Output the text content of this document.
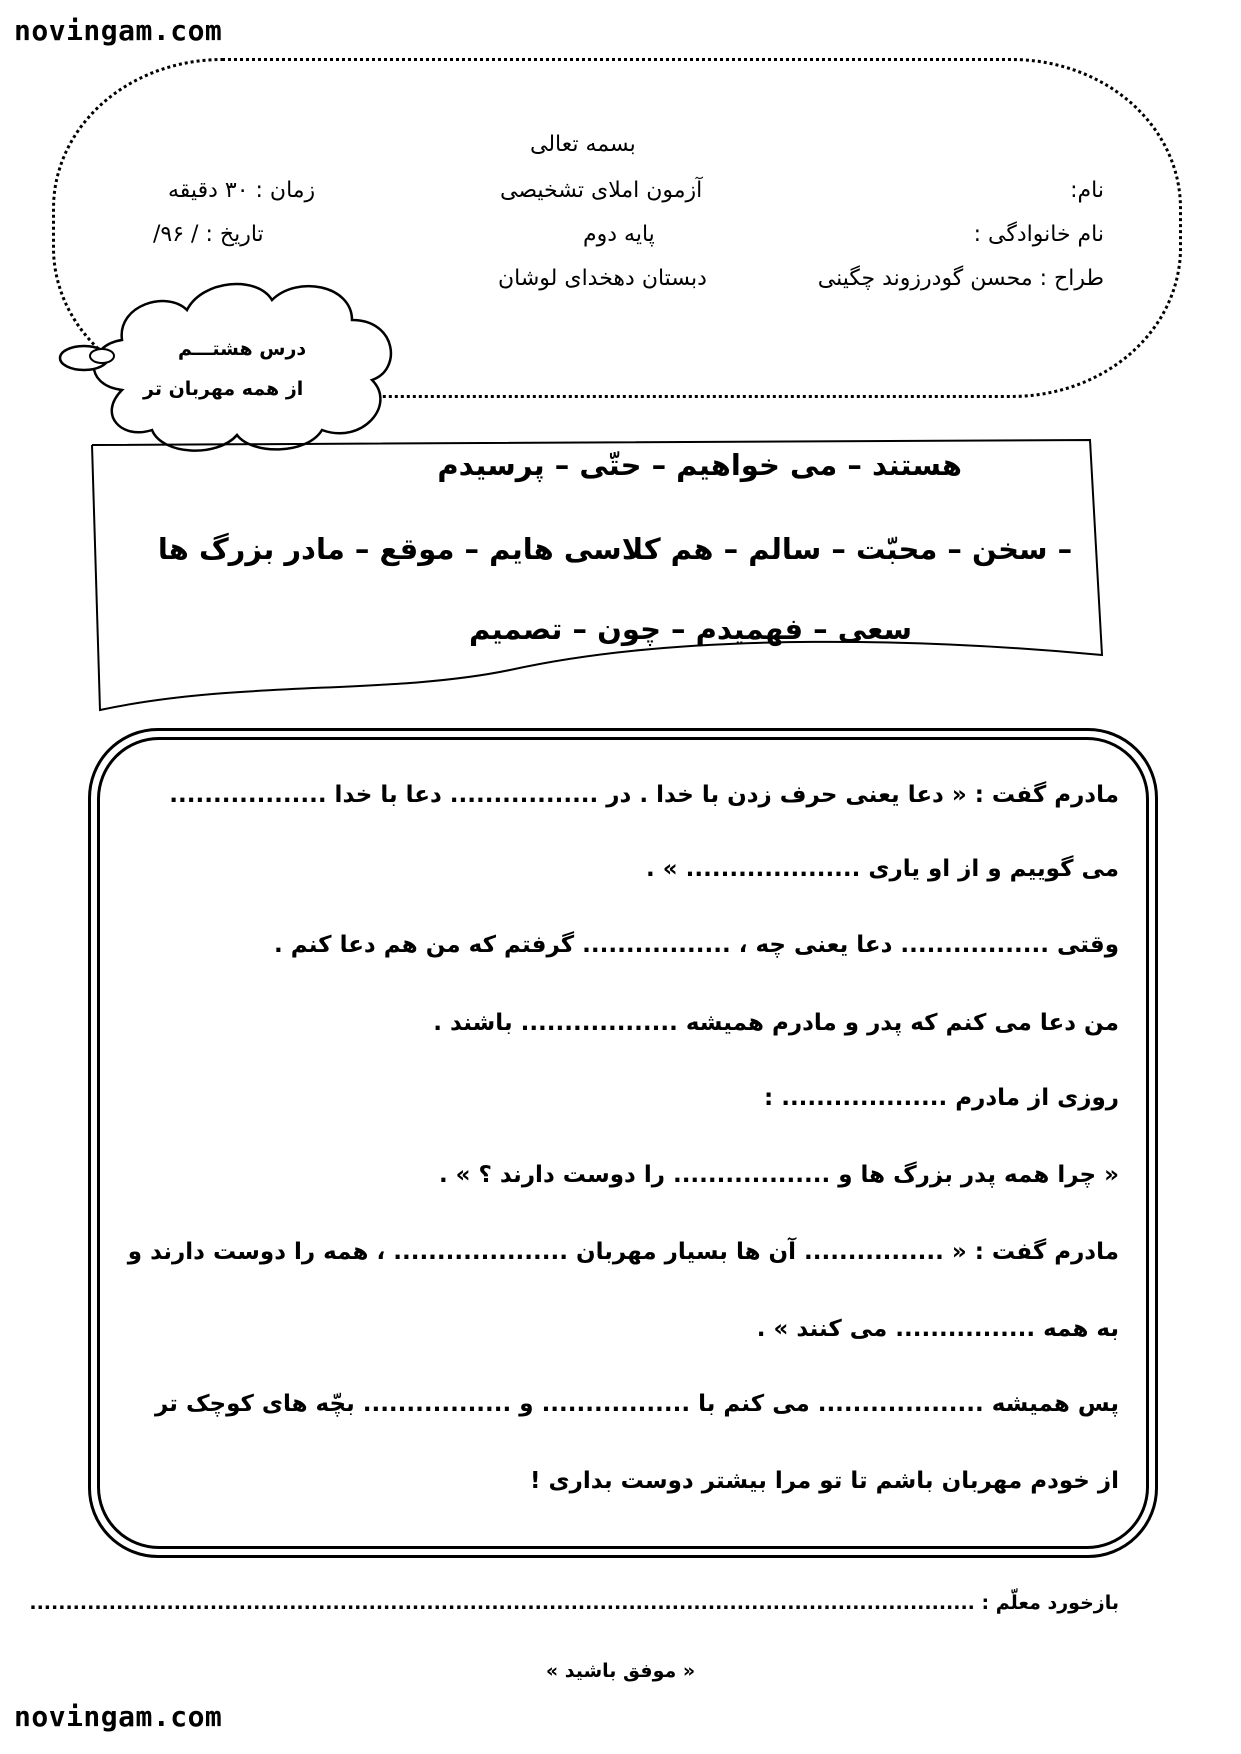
novingam.com
بسمه تعالی
نام:
آزمون املای تشخیصی
زمان : ۳۰ دقیقه
نام خانوادگی :
پایه دوم
تاریخ : / ۹۶/
طراح : محسن گودرزوند چگینی
دبستان دهخدای لوشان
درس هشتـــم
از همه مهربان تر
هستند – می خواهیم – حتّی – پرسیدم
– سخن – محبّت – سالم – هم کلاسی هایم – موقع – مادر بزرگ ها
سعی – فهمیدم – چون – تصمیم
مادرم گفت : « دعا یعنی حرف زدن با خدا . در ................. دعا با خدا ..................
می گوییم و از او یاری .................... » .
وقتی ................. دعا یعنی چه ، ................. گرفتم که من هم دعا کنم .
من دعا می کنم که پدر و مادرم همیشه .................. باشند .
روزی از مادرم ................... :
« چرا همه پدر بزرگ ها و .................. را دوست دارند ؟ » .
مادرم گفت : « ................ آن ها بسیار مهربان .................... ، همه را دوست دارند و
به همه ................ می کنند » .
پس همیشه ................... می کنم با ................. و ................. بچّه های کوچک تر
از خودم مهربان باشم تا تو مرا بیشتر دوست بداری !
بازخورد معلّم : ...................................................................................................................................
« موفق باشید »
novingam.com
